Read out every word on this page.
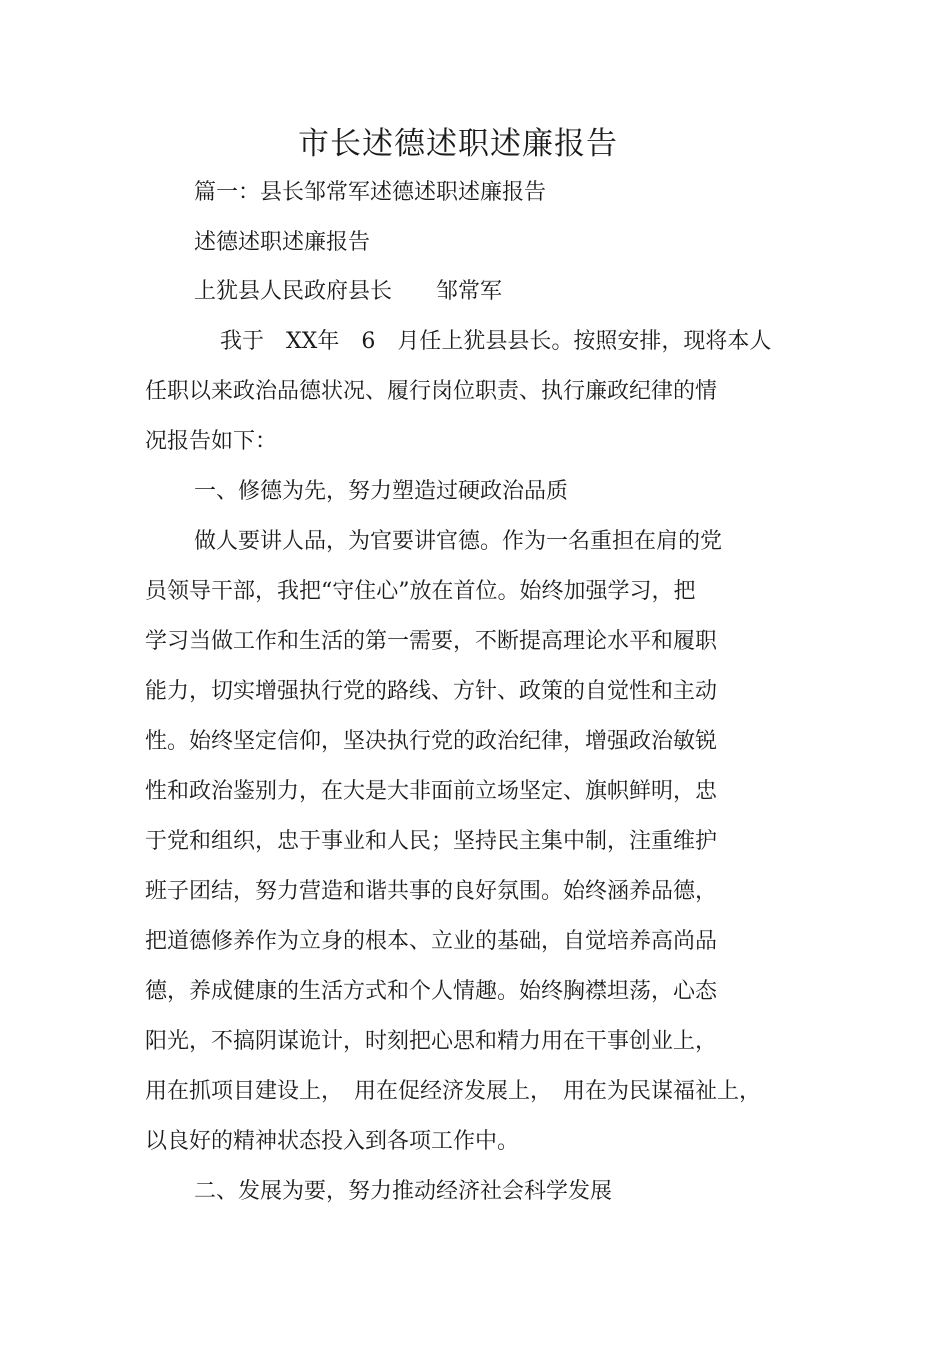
市长述德述职述廉报告
篇一：县长邹常军述德述职述廉报告
述德述职述廉报告
上犹县人民政府县长　　邹常军
我于　XX年　6　月任上犹县县长。按照安排，现将本人
任职以来政治品德状况、履行岗位职责、执行廉政纪律的情
况报告如下：
一、修德为先，努力塑造过硬政治品质
做人要讲人品，为官要讲官德。作为一名重担在肩的党
员领导干部，我把“守住心”放在首位。始终加强学习，把
学习当做工作和生活的第一需要，不断提高理论水平和履职
能力，切实增强执行党的路线、方针、政策的自觉性和主动
性。始终坚定信仰，坚决执行党的政治纪律，增强政治敏锐
性和政治鉴别力，在大是大非面前立场坚定、旗帜鲜明，忠
于党和组织，忠于事业和人民；坚持民主集中制，注重维护
班子团结，努力营造和谐共事的良好氛围。始终涵养品德，
把道德修养作为立身的根本、立业的基础，自觉培养高尚品
德，养成健康的生活方式和个人情趣。始终胸襟坦荡，心态
阳光，不搞阴谋诡计，时刻把心思和精力用在干事创业上，
用在抓项目建设上，　用在促经济发展上，　用在为民谋福祉上，
以良好的精神状态投入到各项工作中。
二、发展为要，努力推动经济社会科学发展
